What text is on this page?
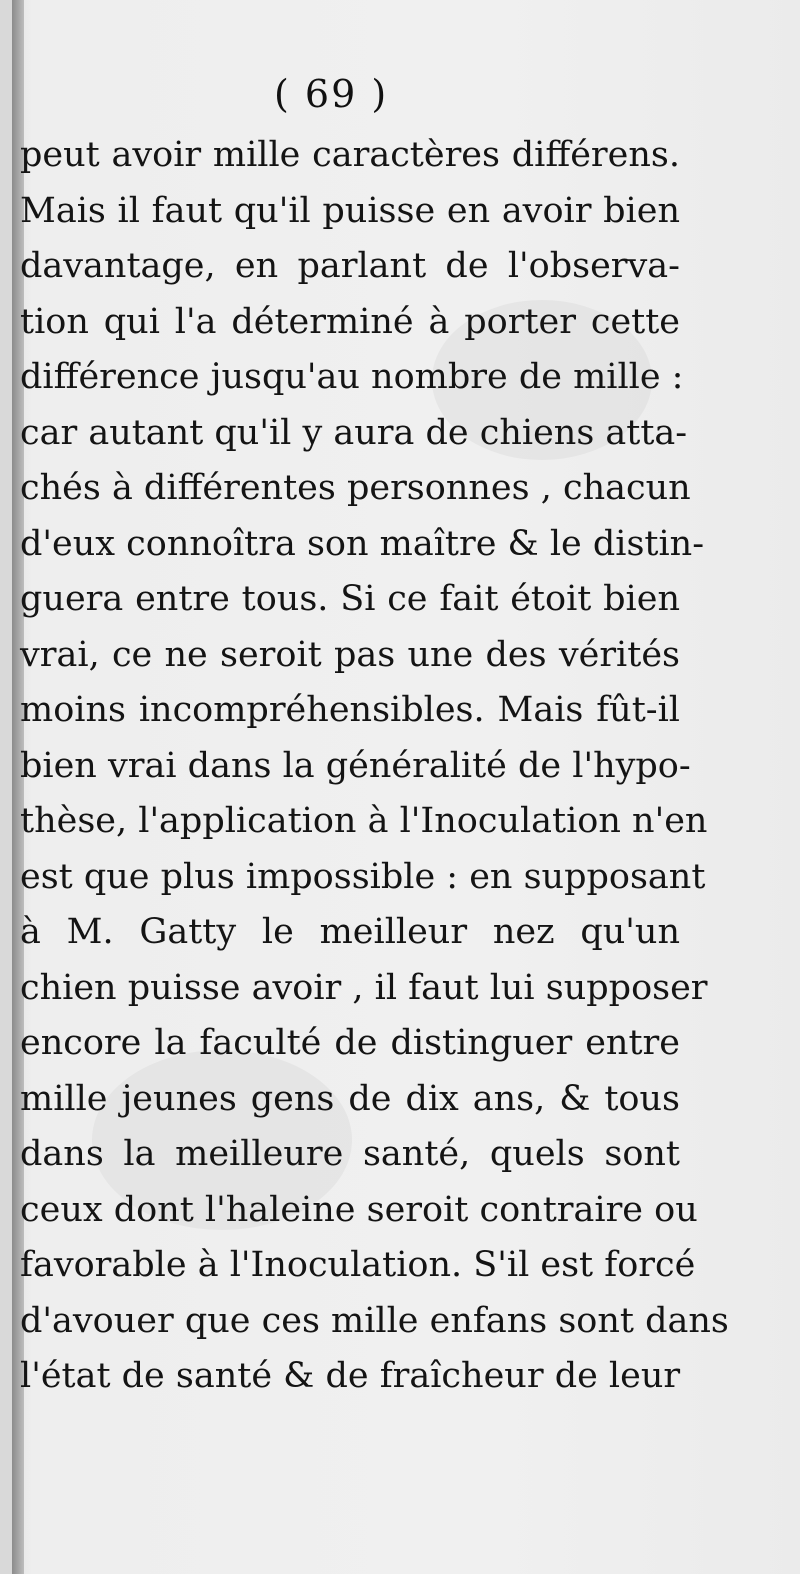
( 69 )
peut avoir mille caractères différens.
Mais il faut qu'il puisse en avoir bien
davantage, en parlant de l'observa-
tion qui l'a déterminé à porter cette
différence jusqu'au nombre de mille :
car autant qu'il y aura de chiens atta-
chés à différentes personnes , chacun
d'eux connoîtra son maître & le distin-
guera entre tous. Si ce fait étoit bien
vrai, ce ne seroit pas une des vérités
moins incompréhensibles. Mais fût-il
bien vrai dans la généralité de l'hypo-
thèse, l'application à l'Inoculation n'en
est que plus impossible : en supposant
à M. Gatty le meilleur nez qu'un
chien puisse avoir , il faut lui supposer
encore la faculté de distinguer entre
mille jeunes gens de dix ans, & tous
dans la meilleure santé, quels sont
ceux dont l'haleine seroit contraire ou
favorable à l'Inoculation. S'il est forcé
d'avouer que ces mille enfans sont dans
l'état de santé & de fraîcheur de leur
